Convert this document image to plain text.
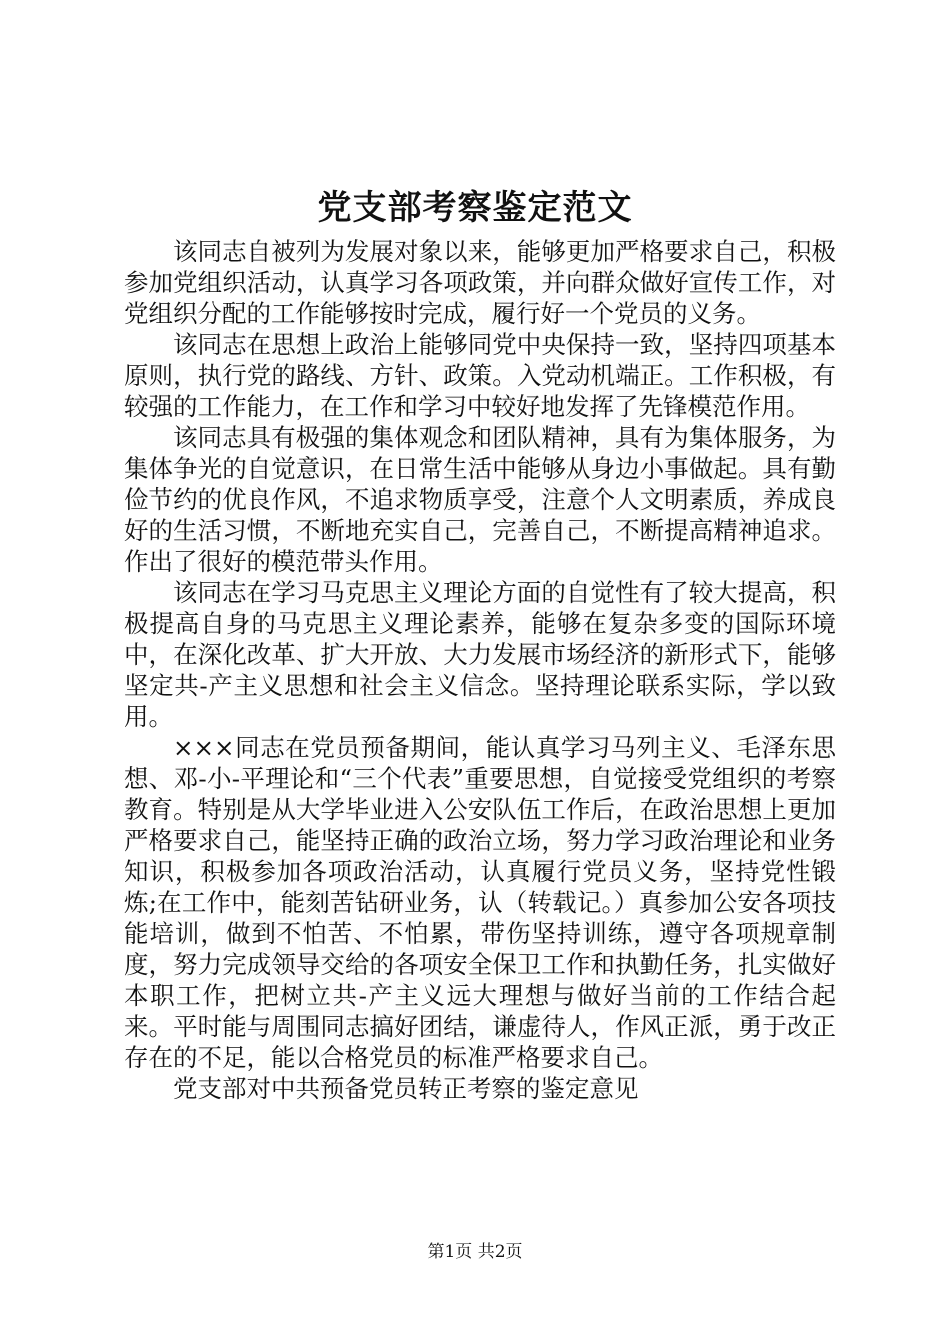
党支部考察鉴定范文

该同志自被列为发展对象以来，能够更加严格要求自己，积极参加党组织活动，认真学习各项政策，并向群众做好宣传工作，对党组织分配的工作能够按时完成，履行好一个党员的义务。

该同志在思想上政治上能够同党中央保持一致，坚持四项基本原则，执行党的路线、方针、政策。入党动机端正。工作积极，有较强的工作能力，在工作和学习中较好地发挥了先锋模范作用。

该同志具有极强的集体观念和团队精神，具有为集体服务，为集体争光的自觉意识，在日常生活中能够从身边小事做起。具有勤俭节约的优良作风，不追求物质享受，注意个人文明素质，养成良好的生活习惯，不断地充实自己，完善自己，不断提高精神追求。作出了很好的模范带头作用。

该同志在学习马克思主义理论方面的自觉性有了较大提高，积极提高自身的马克思主义理论素养，能够在复杂多变的国际环境中，在深化改革、扩大开放、大力发展市场经济的新形式下，能够坚定共-产主义思想和社会主义信念。坚持理论联系实际，学以致用。

×××同志在党员预备期间，能认真学习马列主义、毛泽东思想、邓-小-平理论和“三个代表”重要思想，自觉接受党组织的考察教育。特别是从大学毕业进入公安队伍工作后，在政治思想上更加严格要求自己，能坚持正确的政治立场，努力学习政治理论和业务知识，积极参加各项政治活动，认真履行党员义务，坚持党性锻炼;在工作中，能刻苦钻研业务，认（转载记。）真参加公安各项技能培训，做到不怕苦、不怕累，带伤坚持训练，遵守各项规章制度，努力完成领导交给的各项安全保卫工作和执勤任务，扎实做好本职工作，把树立共-产主义远大理想与做好当前的工作结合起来。平时能与周围同志搞好团结，谦虚待人，作风正派，勇于改正存在的不足，能以合格党员的标准严格要求自己。

党支部对中共预备党员转正考察的鉴定意见

第1页 共2页
